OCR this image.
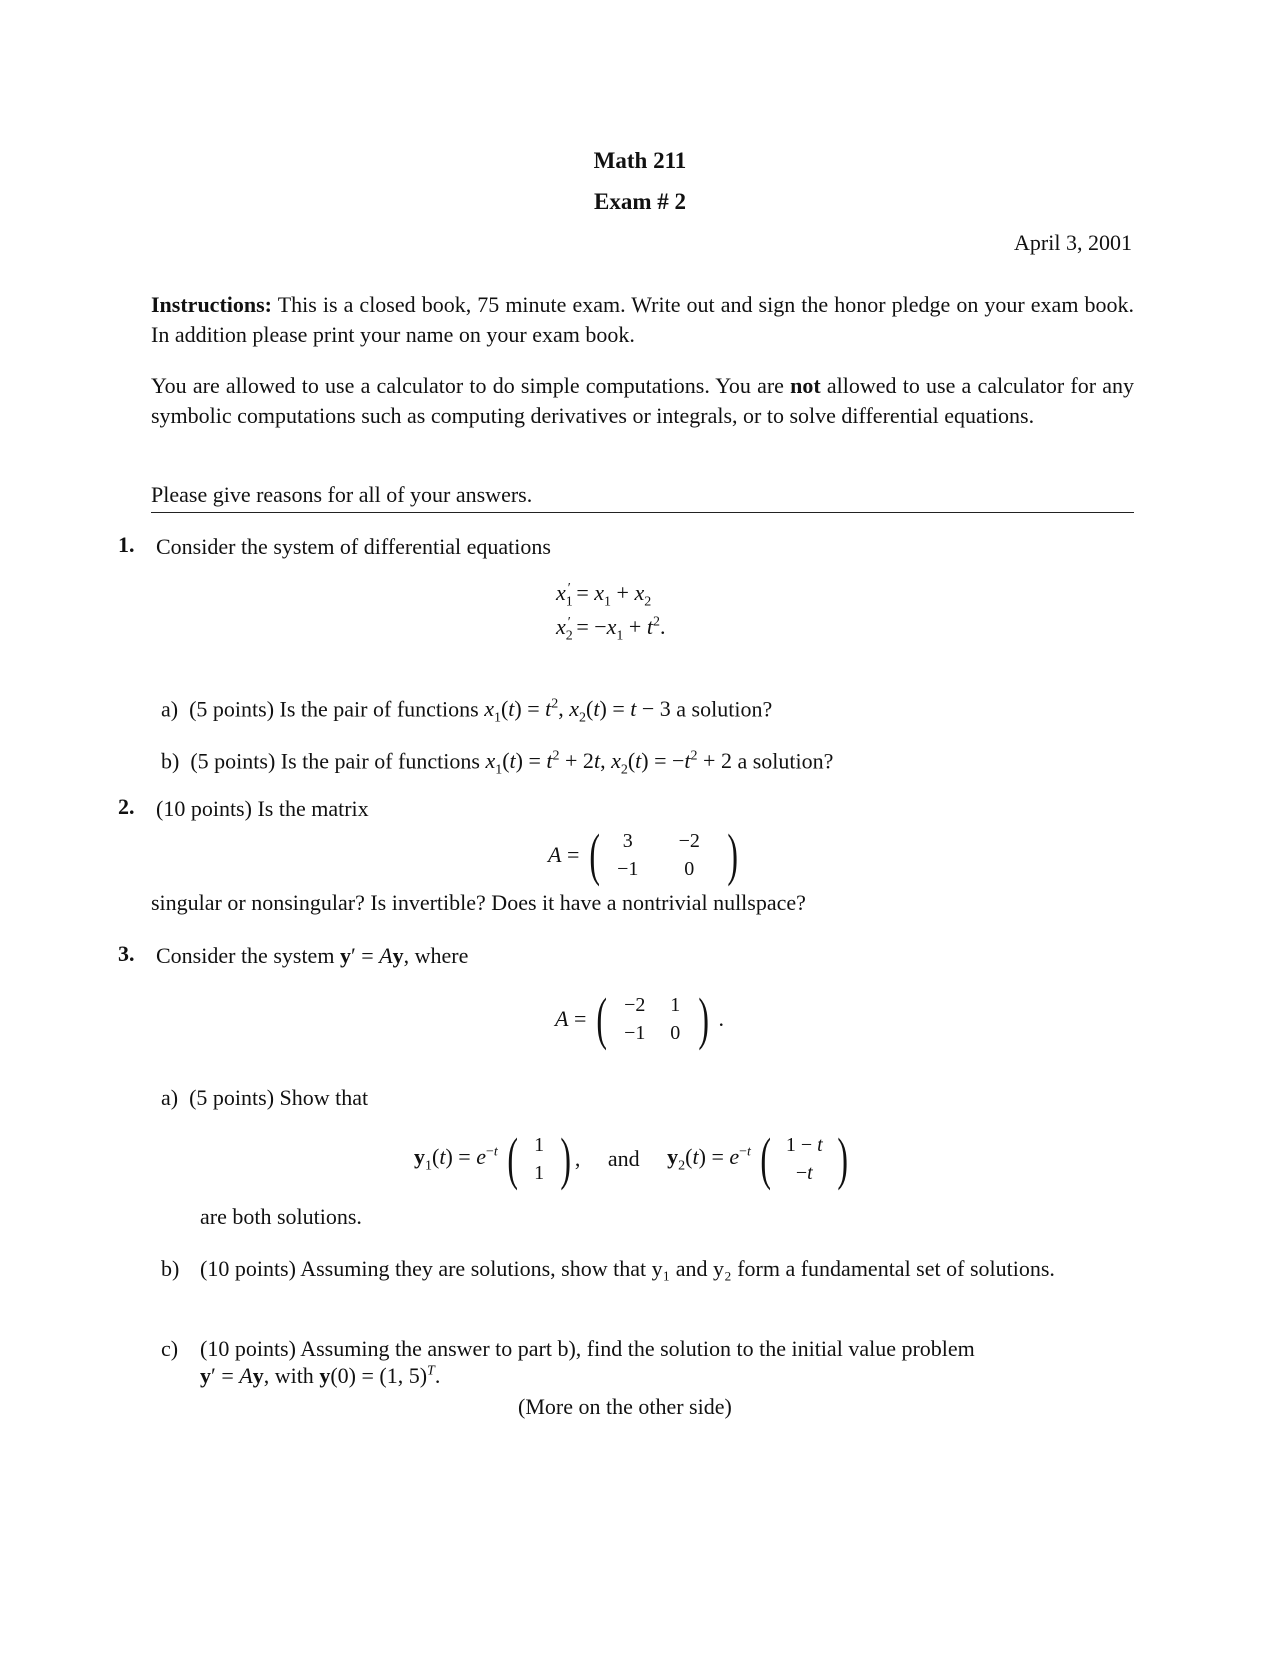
Math 211
Exam # 2
April 3, 2001
Instructions: This is a closed book, 75 minute exam. Write out and sign the honor pledge on your exam book. In addition please print your name on your exam book.
You are allowed to use a calculator to do simple computations. You are not allowed to use a calculator for any symbolic computations such as computing derivatives or integrals, or to solve differential equations.
Please give reasons for all of your answers.
1. Consider the system of differential equations
$x_1' = x_1 + x_2$
$x_2' = -x_1 + t^2$.
a) (5 points) Is the pair of functions $x_1(t) = t^2$, $x_2(t) = t - 3$ a solution?
b) (5 points) Is the pair of functions $x_1(t) = t^2 + 2t$, $x_2(t) = -t^2 + 2$ a solution?
2. (10 points) Is the matrix
A = ( 3
−1 −2
0 )
singular or nonsingular? Is invertible? Does it have a nontrivial nullspace?
3. Consider the system y′ = Ay, where
A = ( −2
−1 1
0 ) .
a) (5 points) Show that
$y_1(t) = e^{-t}$ ( 1
1 ) , and $y_2(t) = e^{-t}$ ( 1 − t
−t )
are both solutions.
b) (10 points) Assuming they are solutions, show that y₁ and y₂ form a fundamental set of solutions.
c) (10 points) Assuming the answer to part b), find the solution to the initial value problem
y′ = Ay, with y(0) = (1, 5)$^T$.
(More on the other side)
